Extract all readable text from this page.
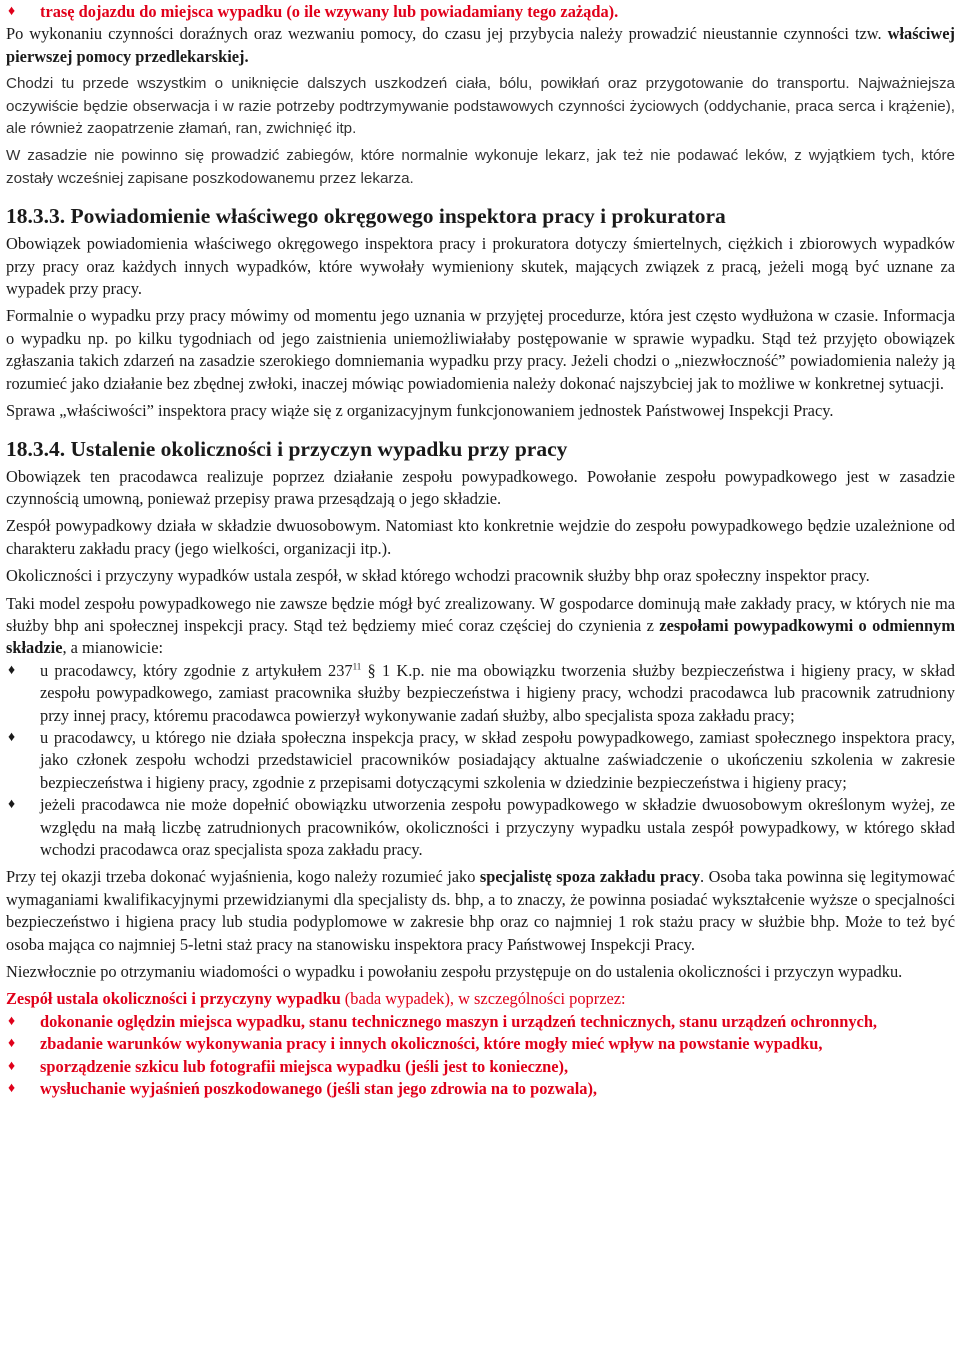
♦ trasę dojazdu do miejsca wypadku (o ile wzywany lub powiadamiany tego zażąda).

Po wykonaniu czynności doraźnych oraz wezwaniu pomocy, do czasu jej przybycia należy prowadzić nieustannie czynności tzw. właściwej pierwszej pomocy przedlekarskiej.

Chodzi tu przede wszystkim o uniknięcie dalszych uszkodzeń ciała, bólu, powikłań oraz przygotowanie do transportu. Najważniejsza oczywiście będzie obserwacja i w razie potrzeby podtrzymywanie podstawowych czynności życiowych (oddychanie, praca serca i krążenie), ale również zaopatrzenie złamań, ran, zwichnięć itp.

W zasadzie nie powinno się prowadzić zabiegów, które normalnie wykonuje lekarz, jak też nie podawać leków, z wyjątkiem tych, które zostały wcześniej zapisane poszkodowanemu przez lekarza.

18.3.3. Powiadomienie właściwego okręgowego inspektora pracy i prokuratora

Obowiązek powiadomienia właściwego okręgowego inspektora pracy i prokuratora dotyczy śmiertelnych, ciężkich i zbiorowych wypadków przy pracy oraz każdych innych wypadków, które wywołały wymieniony skutek, mających związek z pracą, jeżeli mogą być uznane za wypadek przy pracy.

Formalnie o wypadku przy pracy mówimy od momentu jego uznania w przyjętej procedurze, która jest często wydłużona w czasie. Informacja o wypadku np. po kilku tygodniach od jego zaistnienia uniemożliwiałaby postępowanie w sprawie wypadku. Stąd też przyjęto obowiązek zgłaszania takich zdarzeń na zasadzie szerokiego domniemania wypadku przy pracy. Jeżeli chodzi o „niezwłoczność” powiadomienia należy ją rozumieć jako działanie bez zbędnej zwłoki, inaczej mówiąc powiadomienia należy dokonać najszybciej jak to możliwe w konkretnej sytuacji.

Sprawa „właściwości” inspektora pracy wiąże się z organizacyjnym funkcjonowaniem jednostek Państwowej Inspekcji Pracy.

18.3.4. Ustalenie okoliczności i przyczyn wypadku przy pracy

Obowiązek ten pracodawca realizuje poprzez działanie zespołu powypadkowego. Powołanie zespołu powypadkowego jest w zasadzie czynnością umowną, ponieważ przepisy prawa przesądzają o jego składzie.

Zespół powypadkowy działa w składzie dwuosobowym. Natomiast kto konkretnie wejdzie do zespołu powypadkowego będzie uzależnione od charakteru zakładu pracy (jego wielkości, organizacji itp.).

Okoliczności i przyczyny wypadków ustala zespół, w skład którego wchodzi pracownik służby bhp oraz społeczny inspektor pracy.

Taki model zespołu powypadkowego nie zawsze będzie mógł być zrealizowany. W gospodarce dominują małe zakłady pracy, w których nie ma służby bhp ani społecznej inspekcji pracy. Stąd też będziemy mieć coraz częściej do czynienia z zespołami powypadkowymi o odmiennym składzie, a mianowicie:

♦ u pracodawcy, który zgodnie z artykułem $237^{11}$ § 1 K.p. nie ma obowiązku tworzenia służby bezpieczeństwa i higieny pracy, w skład zespołu powypadkowego, zamiast pracownika służby bezpieczeństwa i higieny pracy, wchodzi pracodawca lub pracownik zatrudniony przy innej pracy, któremu pracodawca powierzył wykonywanie zadań służby, albo specjalista spoza zakładu pracy;
♦ u pracodawcy, u którego nie działa społeczna inspekcja pracy, w skład zespołu powypadkowego, zamiast społecznego inspektora pracy, jako członek zespołu wchodzi przedstawiciel pracowników posiadający aktualne zaświadczenie o ukończeniu szkolenia w zakresie bezpieczeństwa i higieny pracy, zgodnie z przepisami dotyczącymi szkolenia w dziedzinie bezpieczeństwa i higieny pracy;
♦ jeżeli pracodawca nie może dopełnić obowiązku utworzenia zespołu powypadkowego w składzie dwuosobowym określonym wyżej, ze względu na małą liczbę zatrudnionych pracowników, okoliczności i przyczyny wypadku ustala zespół powypadkowy, w którego skład wchodzi pracodawca oraz specjalista spoza zakładu pracy.

Przy tej okazji trzeba dokonać wyjaśnienia, kogo należy rozumieć jako specjalistę spoza zakładu pracy. Osoba taka powinna się legitymować wymaganiami kwalifikacyjnymi przewidzianymi dla specjalisty ds. bhp, a to znaczy, że powinna posiadać wykształcenie wyższe o specjalności bezpieczeństwo i higiena pracy lub studia podyplomowe w zakresie bhp oraz co najmniej 1 rok stażu pracy w służbie bhp. Może to też być osoba mająca co najmniej 5-letni staż pracy na stanowisku inspektora pracy Państwowej Inspekcji Pracy.

Niezwłocznie po otrzymaniu wiadomości o wypadku i powołaniu zespołu przystępuje on do ustalenia okoliczności i przyczyn wypadku.

Zespół ustala okoliczności i przyczyny wypadku (bada wypadek), w szczególności poprzez:

♦ dokonanie oględzin miejsca wypadku, stanu technicznego maszyn i urządzeń technicznych, stanu urządzeń ochronnych,
♦ zbadanie warunków wykonywania pracy i innych okoliczności, które mogły mieć wpływ na powstanie wypadku,
♦ sporządzenie szkicu lub fotografii miejsca wypadku (jeśli jest to konieczne),
♦ wysłuchanie wyjaśnień poszkodowanego (jeśli stan jego zdrowia na to pozwala),
